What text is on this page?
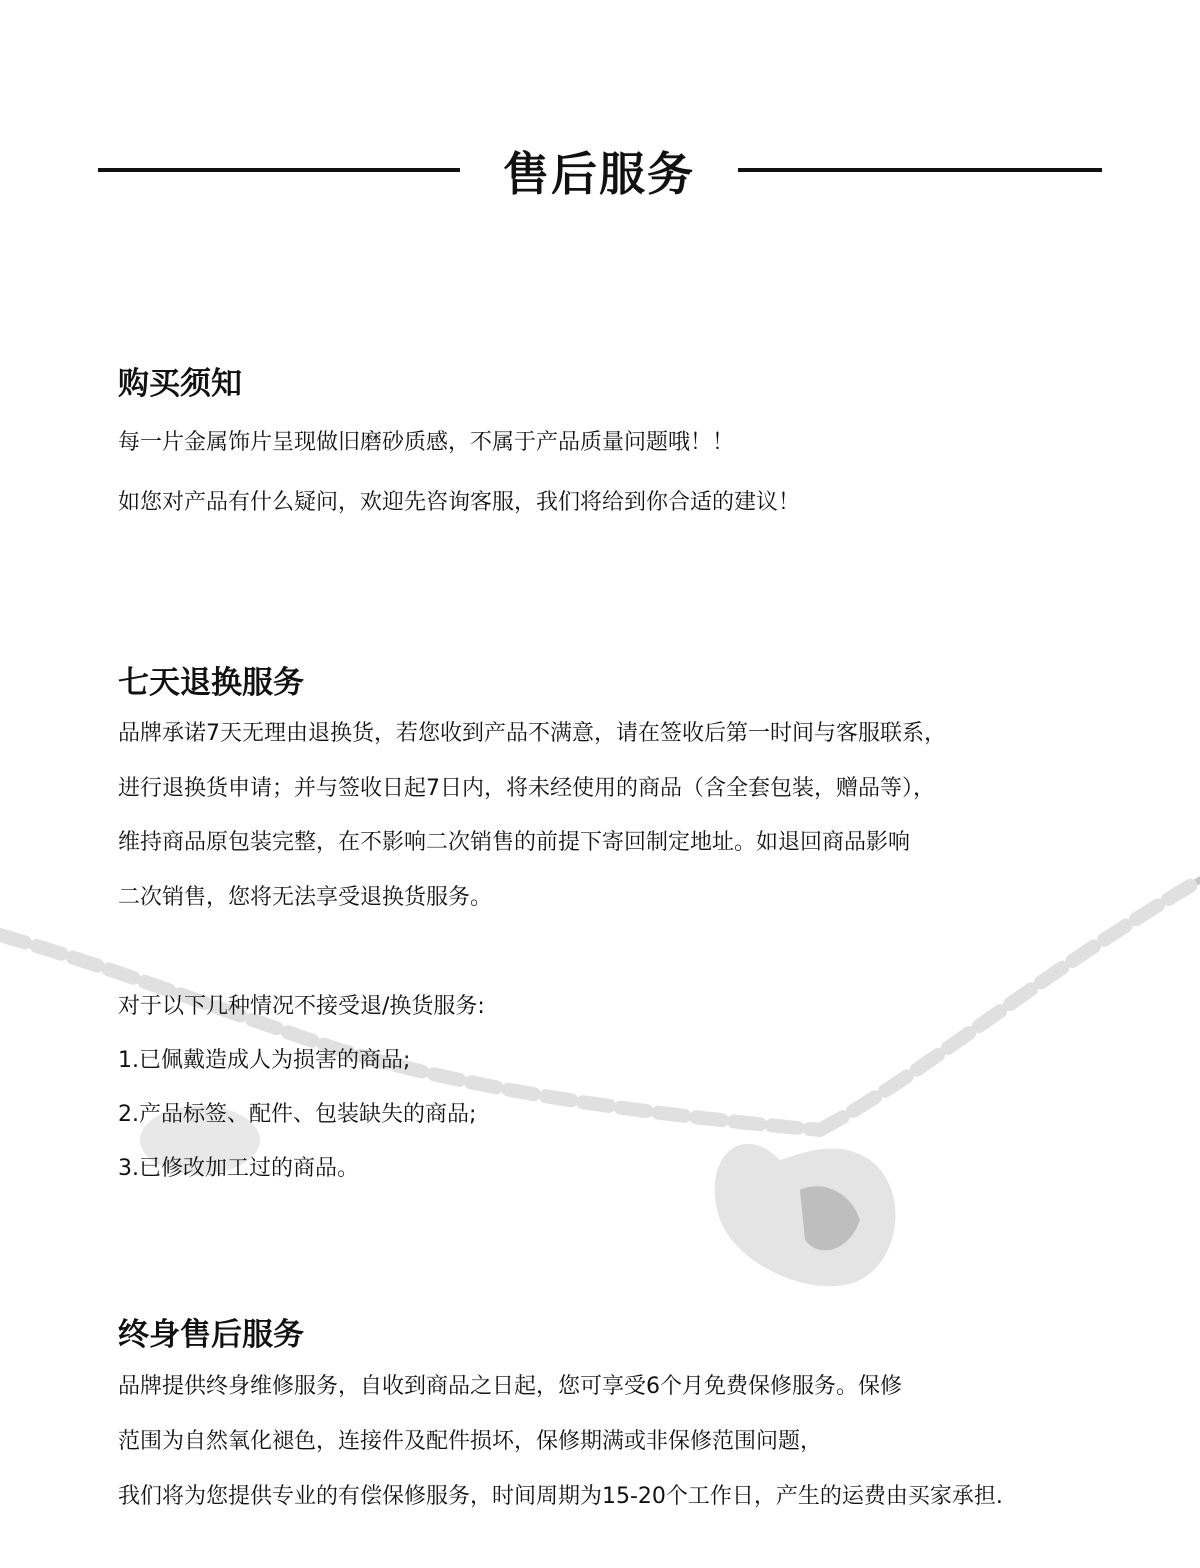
售后服务
购买须知

每一片金属饰片呈现做旧磨砂质感，不属于产品质量问题哦！！

如您对产品有什么疑问，欢迎先咨询客服，我们将给到你合适的建议！

七天退换服务

品牌承诺7天无理由退换货，若您收到产品不满意，请在签收后第一时间与客服联系，

进行退换货申请；并与签收日起7日内，将未经使用的商品（含全套包装，赠品等），

维持商品原包装完整，在不影响二次销售的前提下寄回制定地址。如退回商品影响

二次销售，您将无法享受退换货服务。

对于以下几种情况不接受退/换货服务:

1.已佩戴造成人为损害的商品;

2.产品标签、配件、包装缺失的商品;

3.已修改加工过的商品。

终身售后服务

品牌提供终身维修服务，自收到商品之日起，您可享受6个月免费保修服务。保修

范围为自然氧化褪色，连接件及配件损坏，保修期满或非保修范围问题，

我们将为您提供专业的有偿保修服务，时间周期为15-20个工作日，产生的运费由买家承担.
